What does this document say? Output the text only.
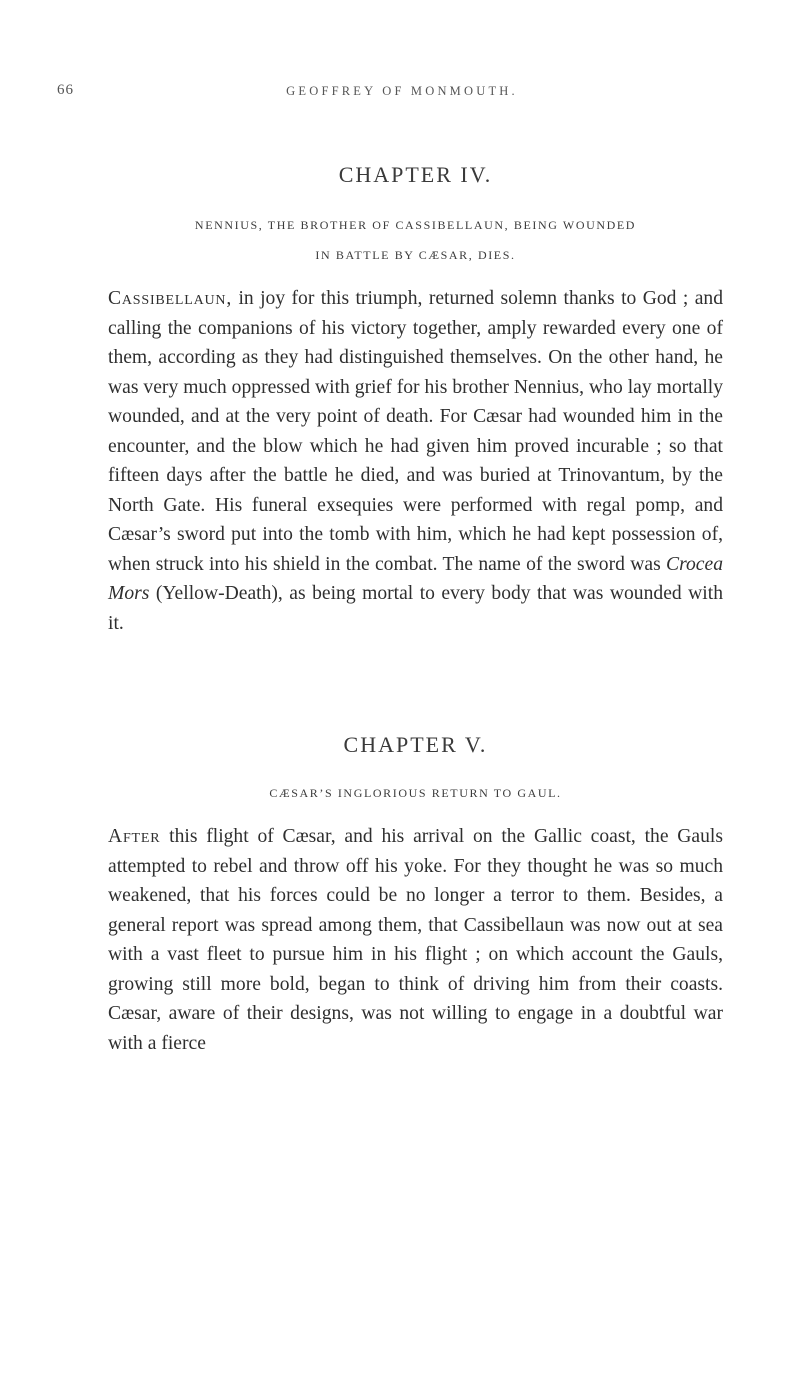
66	GEOFFREY OF MONMOUTH.
CHAPTER IV.
NENNIUS, THE BROTHER OF CASSIBELLAUN, BEING WOUNDED
IN BATTLE BY CÆSAR, DIES.

Cassibellaun, in joy for this triumph, returned solemn thanks to God ; and calling the companions of his victory together, amply rewarded every one of them, according as they had distinguished themselves. On the other hand, he was very much oppressed with grief for his brother Nennius, who lay mortally wounded, and at the very point of death. For Cæsar had wounded him in the encounter, and the blow which he had given him proved incurable ; so that fifteen days after the battle he died, and was buried at Trinovantum, by the North Gate. His funeral exsequies were performed with regal pomp, and Cæsar’s sword put into the tomb with him, which he had kept possession of, when struck into his shield in the combat. The name of the sword was Crocea Mors (Yellow-Death), as being mortal to every body that was wounded with it.

CHAPTER V.
CÆSAR’S INGLORIOUS RETURN TO GAUL.

After this flight of Cæsar, and his arrival on the Gallic coast, the Gauls attempted to rebel and throw off his yoke. For they thought he was so much weakened, that his forces could be no longer a terror to them. Besides, a general report was spread among them, that Cassibellaun was now out at sea with a vast fleet to pursue him in his flight ; on which account the Gauls, growing still more bold, began to think of driving him from their coasts. Cæsar, aware of their designs, was not willing to engage in a doubtful war with a fierce
